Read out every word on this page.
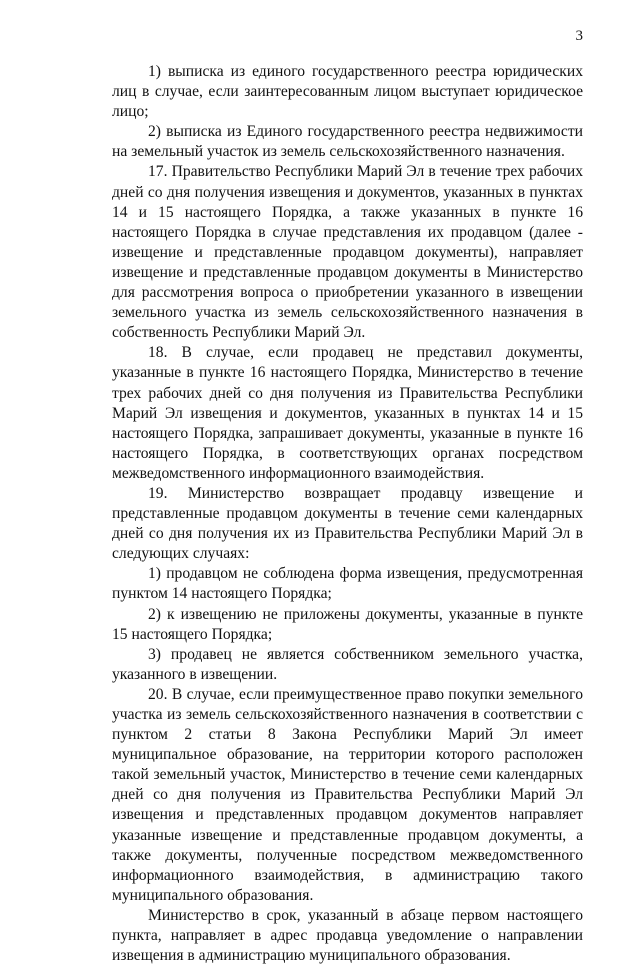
3

1) выписка из единого государственного реестра юридических лиц в случае, если заинтересованным лицом выступает юридическое лицо;

2) выписка из Единого государственного реестра недвижимости на земельный участок из земель сельскохозяйственного назначения.

17. Правительство Республики Марий Эл в течение трех рабочих дней со дня получения извещения и документов, указанных в пунктах 14 и 15 настоящего Порядка, а также указанных в пункте 16 настоящего Порядка в случае представления их продавцом (далее - извещение и представленные продавцом документы), направляет извещение и представленные продавцом документы в Министерство для рассмотрения вопроса о приобретении указанного в извещении земельного участка из земель сельскохозяйственного назначения в собственность Республики Марий Эл.

18. В случае, если продавец не представил документы, указанные в пункте 16 настоящего Порядка, Министерство в течение трех рабочих дней со дня получения из Правительства Республики Марий Эл извещения и документов, указанных в пунктах 14 и 15 настоящего Порядка, запрашивает документы, указанные в пункте 16 настоящего Порядка, в соответствующих органах посредством межведомственного информационного взаимодействия.

19. Министерство возвращает продавцу извещение и представленные продавцом документы в течение семи календарных дней со дня получения их из Правительства Республики Марий Эл в следующих случаях:

1) продавцом не соблюдена форма извещения, предусмотренная пунктом 14 настоящего Порядка;

2) к извещению не приложены документы, указанные в пункте 15 настоящего Порядка;

3) продавец не является собственником земельного участка, указанного в извещении.

20. В случае, если преимущественное право покупки земельного участка из земель сельскохозяйственного назначения в соответствии с пунктом 2 статьи 8 Закона Республики Марий Эл имеет муниципальное образование, на территории которого расположен такой земельный участок, Министерство в течение семи календарных дней со дня получения из Правительства Республики Марий Эл извещения и представленных продавцом документов направляет указанные извещение и представленные продавцом документы, а также документы, полученные посредством межведомственного информационного взаимодействия, в администрацию такого муниципального образования.

Министерство в срок, указанный в абзаце первом настоящего пункта, направляет в адрес продавца уведомление о направлении извещения в администрацию муниципального образования.
